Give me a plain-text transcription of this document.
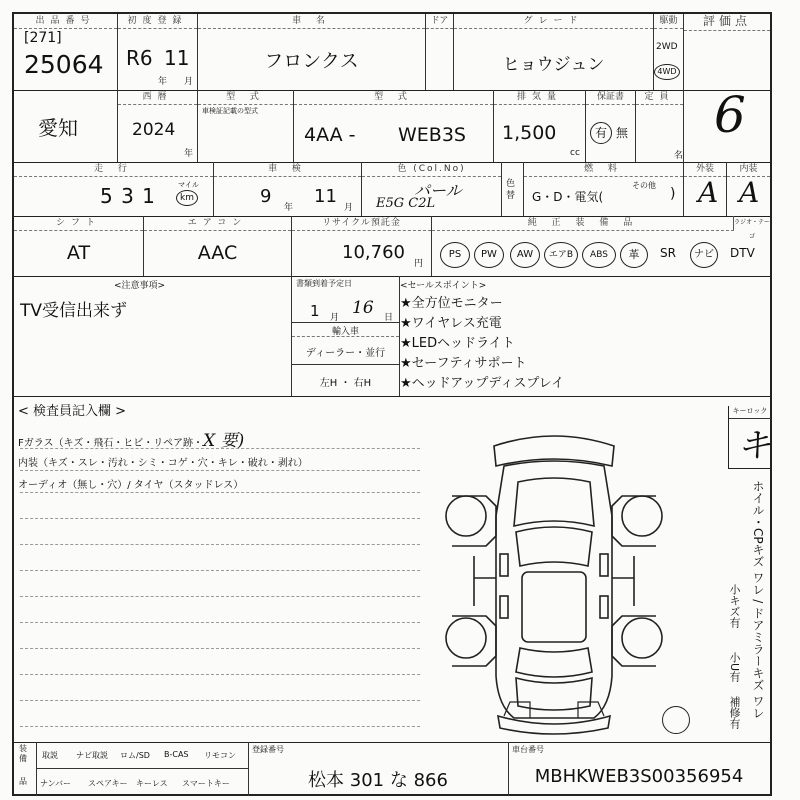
出品番号
[271]
25064
初度登録
R6 11
年 月
車 名
フロンクス
ドア	グレード
ヒョウジュン
駆動
2WD
4WD
評価点
愛知
西暦
2024
年
型 式
車検証記載の型式
型 式
4AA - WEB3S
排気量
1,500
cc
保証書
有 無
定員
名
6
走 行
5 3 1	マイル
km
車 検
9
年
11
月
色 (Col.No)
パール
E5G C2L
色替
燃 料
G・D・電気(
その他
)
外装
A
内装
A
シフト
AT
エアコン
AAC
リサイクル預託金
10,760
円
純 正 装 備 品	ラジオ・テーゴ
PS	PW	AW	エアB	ABS	革	SR	ナビ	DTV
<注意事項>
TV受信出来ず
書類到着予定日
1 月 16 日
輸入車
ディーラー・並行
左H ・ 右H
<セールスポイント>
★全方位モニター
★ワイヤレス充電
★LEDヘッドライト
★セーフティサポート
★ヘッドアップディスプレイ
< 検査員記入欄 >
Fガラス（キズ・飛石・ヒビ・リペア跡・X 要)
内装（キズ・スレ・汚れ・シミ・コゲ・穴・キレ・破れ・剥れ）
オーディオ（無し・穴）/ タイヤ（スタッドレス）
キーロック
キ
ホイル・CPキズ ワレ / ドアミラーキズ ワレ
小キズ有
小U有
補修有
装備
品
取説 ナビ取説 ロム/SD B-CAS リモコン
ナンバー スペアキー キーレス スマートキー
登録番号
松本 301 な 866
車台番号
MBHKWEB3S00356954
